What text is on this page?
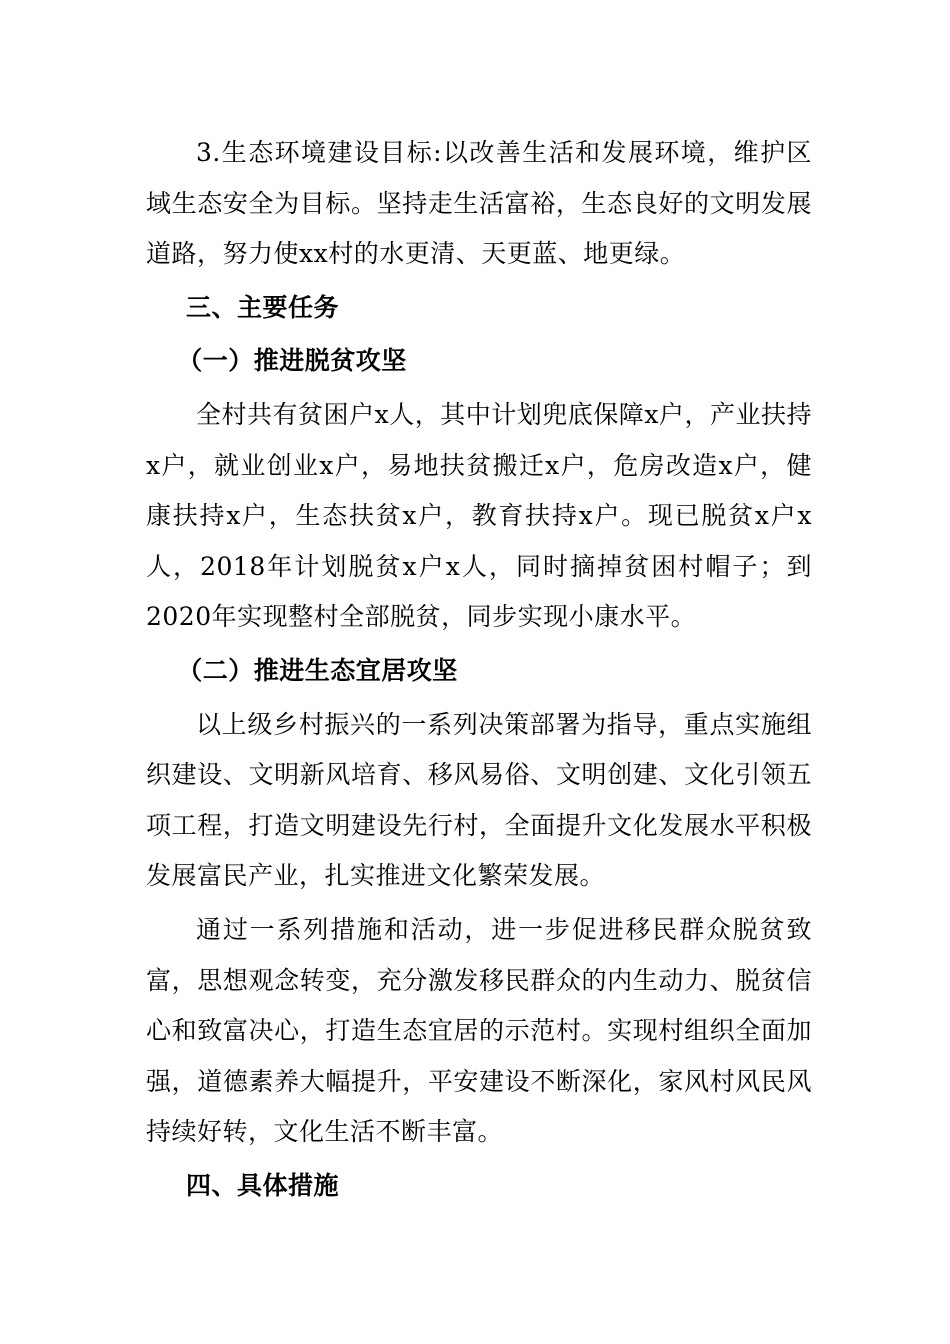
3.生态环境建设目标:以改善生活和发展环境，维护区域生态安全为目标。坚持走生活富裕，生态良好的文明发展道路，努力使xx村的水更清、天更蓝、地更绿。

三、主要任务

（一）推进脱贫攻坚

全村共有贫困户x人，其中计划兜底保障x户，产业扶持x户，就业创业x户，易地扶贫搬迁x户，危房改造x户，健康扶持x户，生态扶贫x户，教育扶持x户。现已脱贫x户x人，2018年计划脱贫x户x人，同时摘掉贫困村帽子；到2020年实现整村全部脱贫，同步实现小康水平。

（二）推进生态宜居攻坚

以上级乡村振兴的一系列决策部署为指导，重点实施组织建设、文明新风培育、移风易俗、文明创建、文化引领五项工程，打造文明建设先行村，全面提升文化发展水平积极发展富民产业，扎实推进文化繁荣发展。

通过一系列措施和活动，进一步促进移民群众脱贫致富，思想观念转变，充分激发移民群众的内生动力、脱贫信心和致富决心，打造生态宜居的示范村。实现村组织全面加强，道德素养大幅提升，平安建设不断深化，家风村风民风持续好转，文化生活不断丰富。

四、具体措施
